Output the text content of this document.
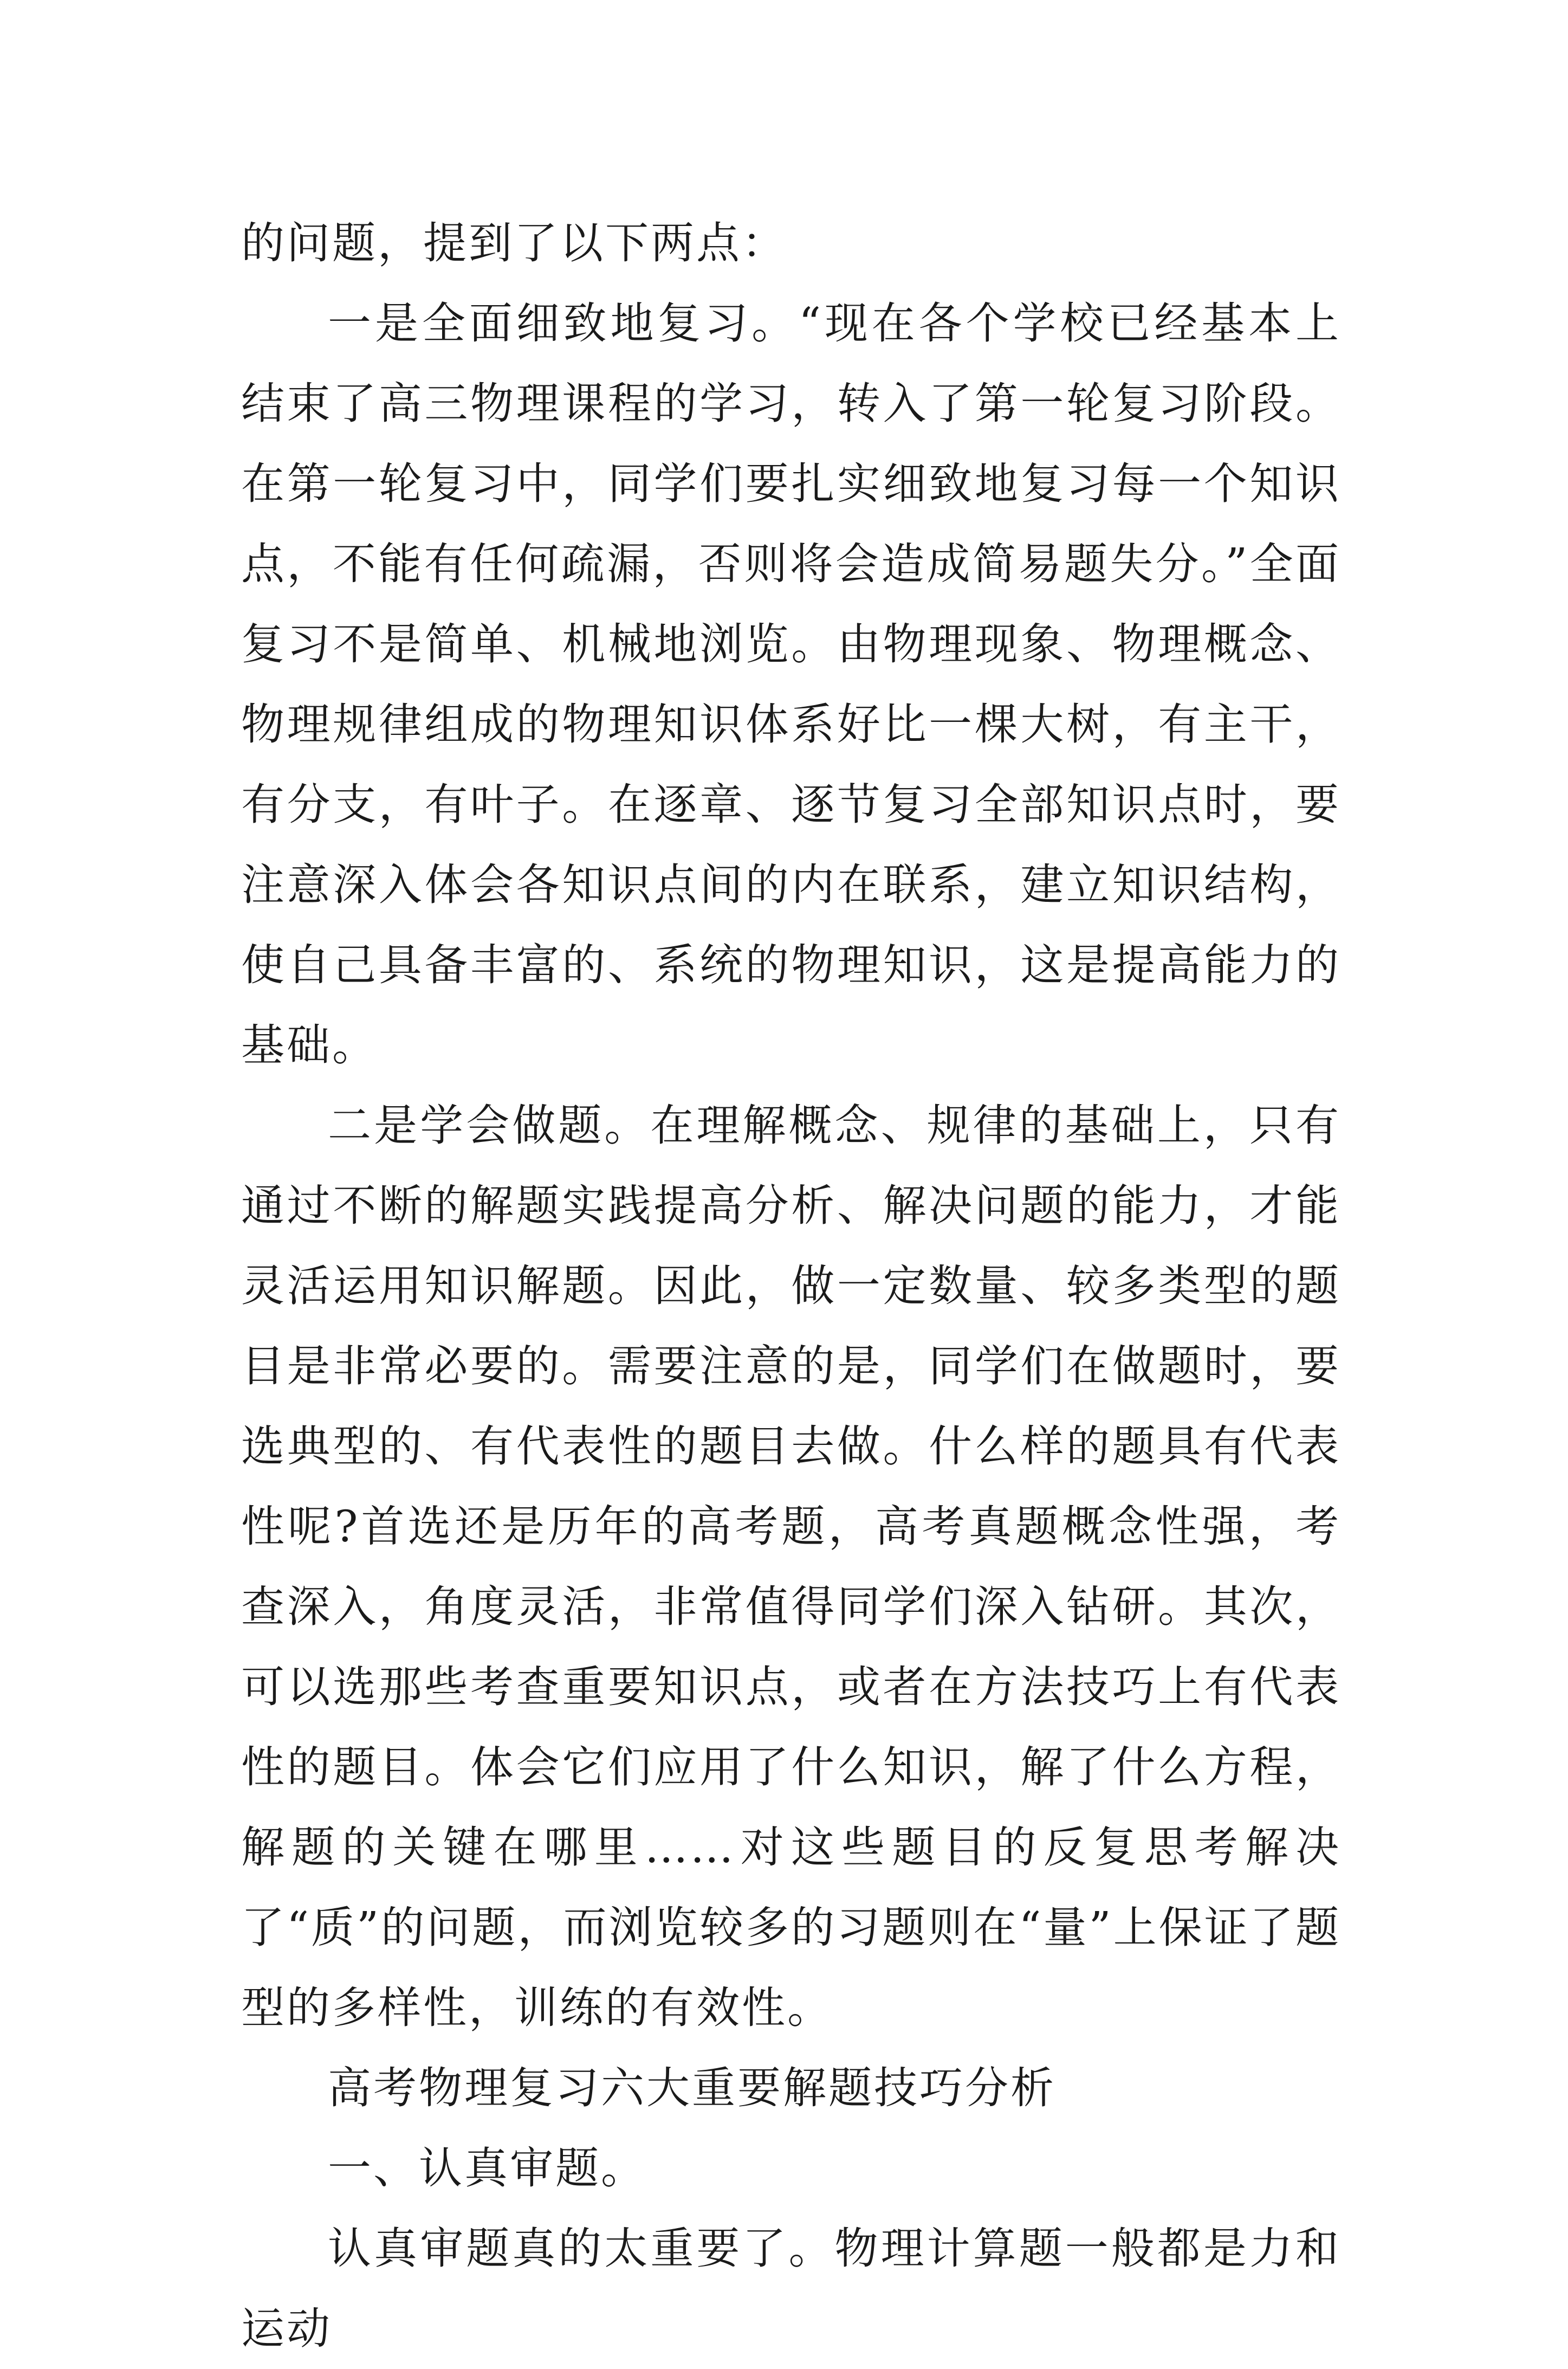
的问题，提到了以下两点：

一是全面细致地复习。“现在各个学校已经基本上结束了高三物理课程的学习，转入了第一轮复习阶段。在第一轮复习中，同学们要扎实细致地复习每一个知识点，不能有任何疏漏，否则将会造成简易题失分。”全面复习不是简单、机械地浏览。由物理现象、物理概念、物理规律组成的物理知识体系好比一棵大树，有主干，有分支，有叶子。在逐章、逐节复习全部知识点时，要注意深入体会各知识点间的内在联系，建立知识结构，使自己具备丰富的、系统的物理知识，这是提高能力的基础。

二是学会做题。在理解概念、规律的基础上，只有通过不断的解题实践提高分析、解决问题的能力，才能灵活运用知识解题。因此，做一定数量、较多类型的题目是非常必要的。需要注意的是，同学们在做题时，要选典型的、有代表性的题目去做。什么样的题具有代表性呢?首选还是历年的高考题，高考真题概念性强，考查深入，角度灵活，非常值得同学们深入钻研。其次，可以选那些考查重要知识点，或者在方法技巧上有代表性的题目。体会它们应用了什么知识，解了什么方程，解题的关键在哪里……对这些题目的反复思考解决了“质”的问题，而浏览较多的习题则在“量”上保证了题型的多样性，训练的有效性。

高考物理复习六大重要解题技巧分析

一、认真审题。

认真审题真的太重要了。物理计算题一般都是力和运动
